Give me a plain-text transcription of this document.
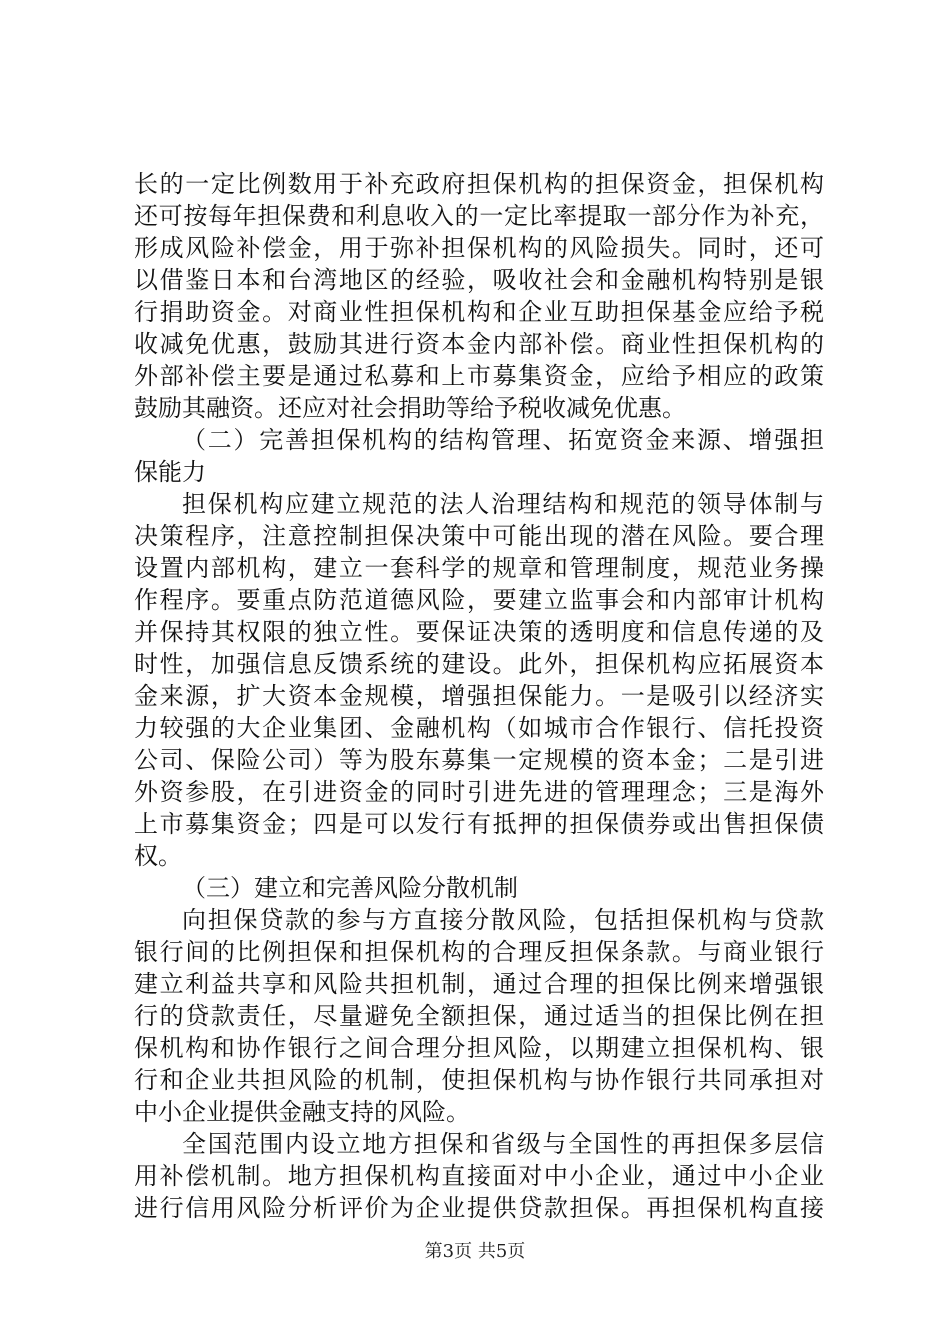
长的一定比例数用于补充政府担保机构的担保资金，担保机构
还可按每年担保费和利息收入的一定比率提取一部分作为补充，
形成风险补偿金，用于弥补担保机构的风险损失。同时，还可
以借鉴日本和台湾地区的经验，吸收社会和金融机构特别是银
行捐助资金。对商业性担保机构和企业互助担保基金应给予税
收减免优惠，鼓励其进行资本金内部补偿。商业性担保机构的
外部补偿主要是通过私募和上市募集资金，应给予相应的政策
鼓励其融资。还应对社会捐助等给予税收减免优惠。
（二）完善担保机构的结构管理、拓宽资金来源、增强担
保能力
担保机构应建立规范的法人治理结构和规范的领导体制与
决策程序，注意控制担保决策中可能出现的潜在风险。要合理
设置内部机构，建立一套科学的规章和管理制度，规范业务操
作程序。要重点防范道德风险，要建立监事会和内部审计机构
并保持其权限的独立性。要保证决策的透明度和信息传递的及
时性，加强信息反馈系统的建设。此外，担保机构应拓展资本
金来源，扩大资本金规模，增强担保能力。一是吸引以经济实
力较强的大企业集团、金融机构（如城市合作银行、信托投资
公司、保险公司）等为股东募集一定规模的资本金；二是引进
外资参股，在引进资金的同时引进先进的管理理念；三是海外
上市募集资金；四是可以发行有抵押的担保债券或出售担保债
权。
（三）建立和完善风险分散机制
向担保贷款的参与方直接分散风险，包括担保机构与贷款
银行间的比例担保和担保机构的合理反担保条款。与商业银行
建立利益共享和风险共担机制，通过合理的担保比例来增强银
行的贷款责任，尽量避免全额担保，通过适当的担保比例在担
保机构和协作银行之间合理分担风险，以期建立担保机构、银
行和企业共担风险的机制，使担保机构与协作银行共同承担对
中小企业提供金融支持的风险。
全国范围内设立地方担保和省级与全国性的再担保多层信
用补偿机制。地方担保机构直接面对中小企业，通过中小企业
进行信用风险分析评价为企业提供贷款担保。再担保机构直接
第3页 共5页
